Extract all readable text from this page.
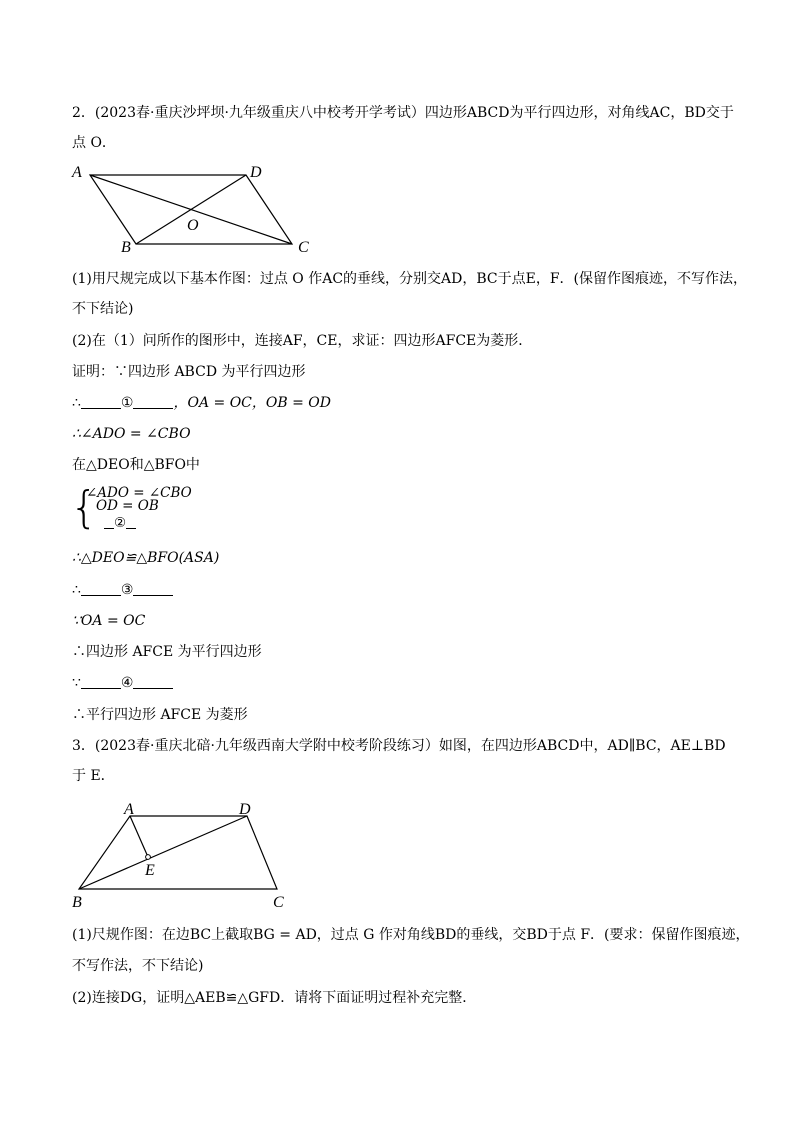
2．(2023春·重庆沙坪坝·九年级重庆八中校考开学考试）四边形ABCD为平行四边形，对角线AC，BD交于
点 O．
A	D
B	C
O
(1)用尺规完成以下基本作图：过点 O 作AC的垂线，分别交AD，BC于点E，F．(保留作图痕迹，不写作法，
不下结论)
(2)在（1）问所作的图形中，连接AF，CE，求证：四边形AFCE为菱形．
证明：∵四边形 ABCD 为平行四边形
∴	①	，OA = OC，OB = OD
∴∠ADO = ∠CBO
在△DEO和△BFO中
{
∠ADO = ∠CBO
OD = OB
②
∴△DEO≌△BFO(ASA)
∴	③
∵OA = OC
∴四边形 AFCE 为平行四边形
∵	④
∴平行四边形 AFCE 为菱形
3．(2023春·重庆北碚·九年级西南大学附中校考阶段练习）如图，在四边形ABCD中，AD∥BC，AE⊥BD
于 E．
A	D
B	C
E
(1)尺规作图：在边BC上截取BG = AD，过点 G 作对角线BD的垂线，交BD于点 F．(要求：保留作图痕迹，
不写作法，不下结论)
(2)连接DG，证明△AEB≌△GFD．请将下面证明过程补充完整．
